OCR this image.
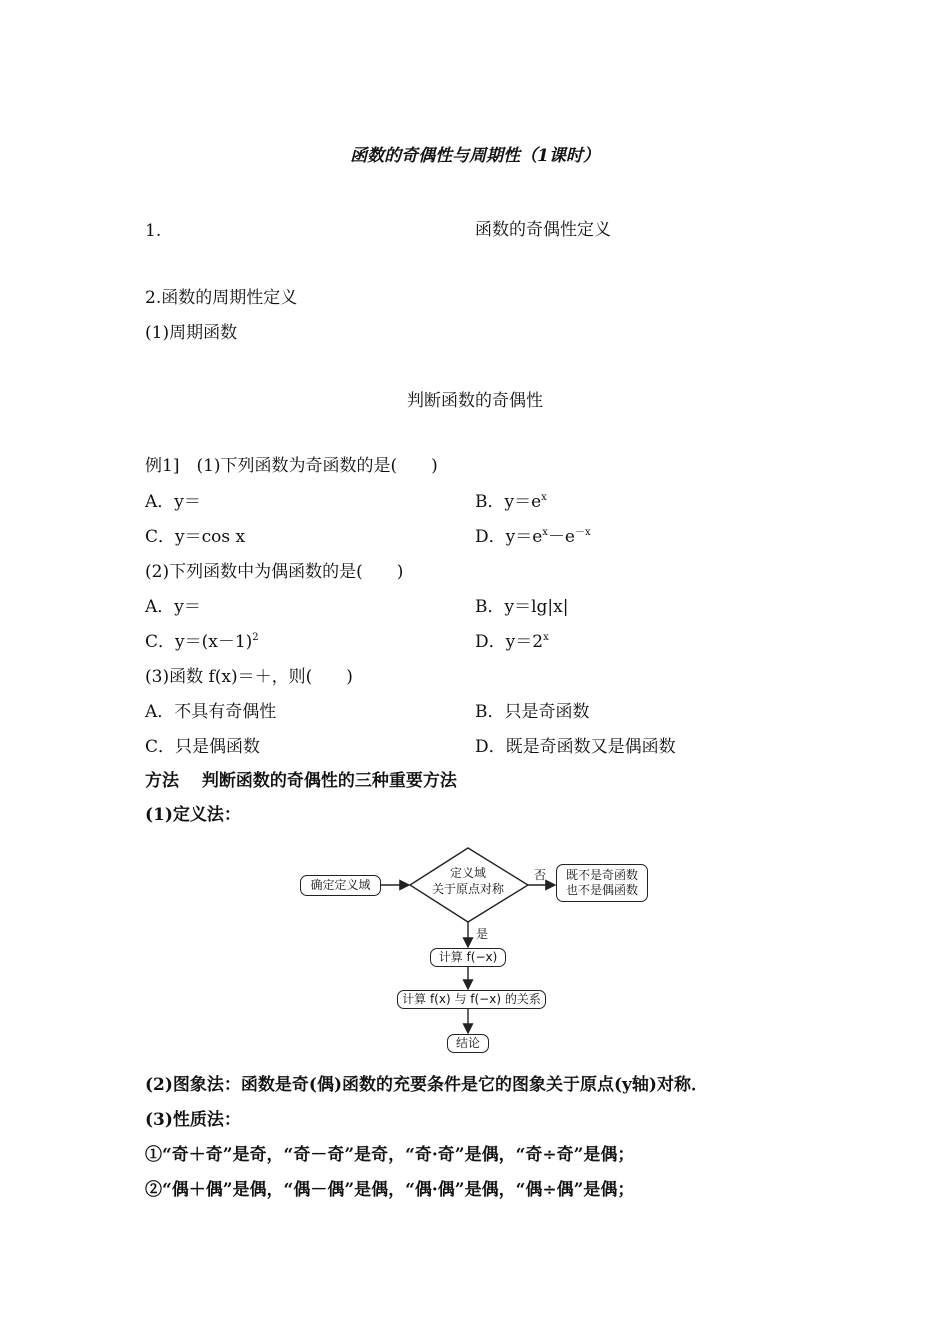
函数的奇偶性与周期性（1课时）
1.	函数的奇偶性定义
2.函数的周期性定义
(1)周期函数
判断函数的奇偶性
例1]　(1)下列函数为奇函数的是(　　)
A．y＝	B．$y=e^x$
C．y＝cos x	D．$y=e^x-e^{-x}$
(2)下列函数中为偶函数的是(　　)
A．y＝	B．y＝lg|x|
C．$y=(x-1)^2$	D．$y=2^x$
(3)函数 f(x)＝＋，则(　　)
A．不具有奇偶性	B．只是奇函数
C．只是偶函数	D．既是奇函数又是偶函数
方法　 判断函数的奇偶性的三种重要方法
(1)定义法：
确定定义域
定义域
关于原点对称
否 既不是奇函数
也不是偶函数
是
计算 f(−x)
计算 f(x) 与 f(−x) 的关系
结论
(2)图象法：函数是奇(偶)函数的充要条件是它的图象关于原点(y轴)对称．
(3)性质法：
①“奇＋奇”是奇，“奇－奇”是奇，“奇·奇”是偶，“奇÷奇”是偶；
②“偶＋偶”是偶，“偶－偶”是偶，“偶·偶”是偶，“偶÷偶”是偶；
